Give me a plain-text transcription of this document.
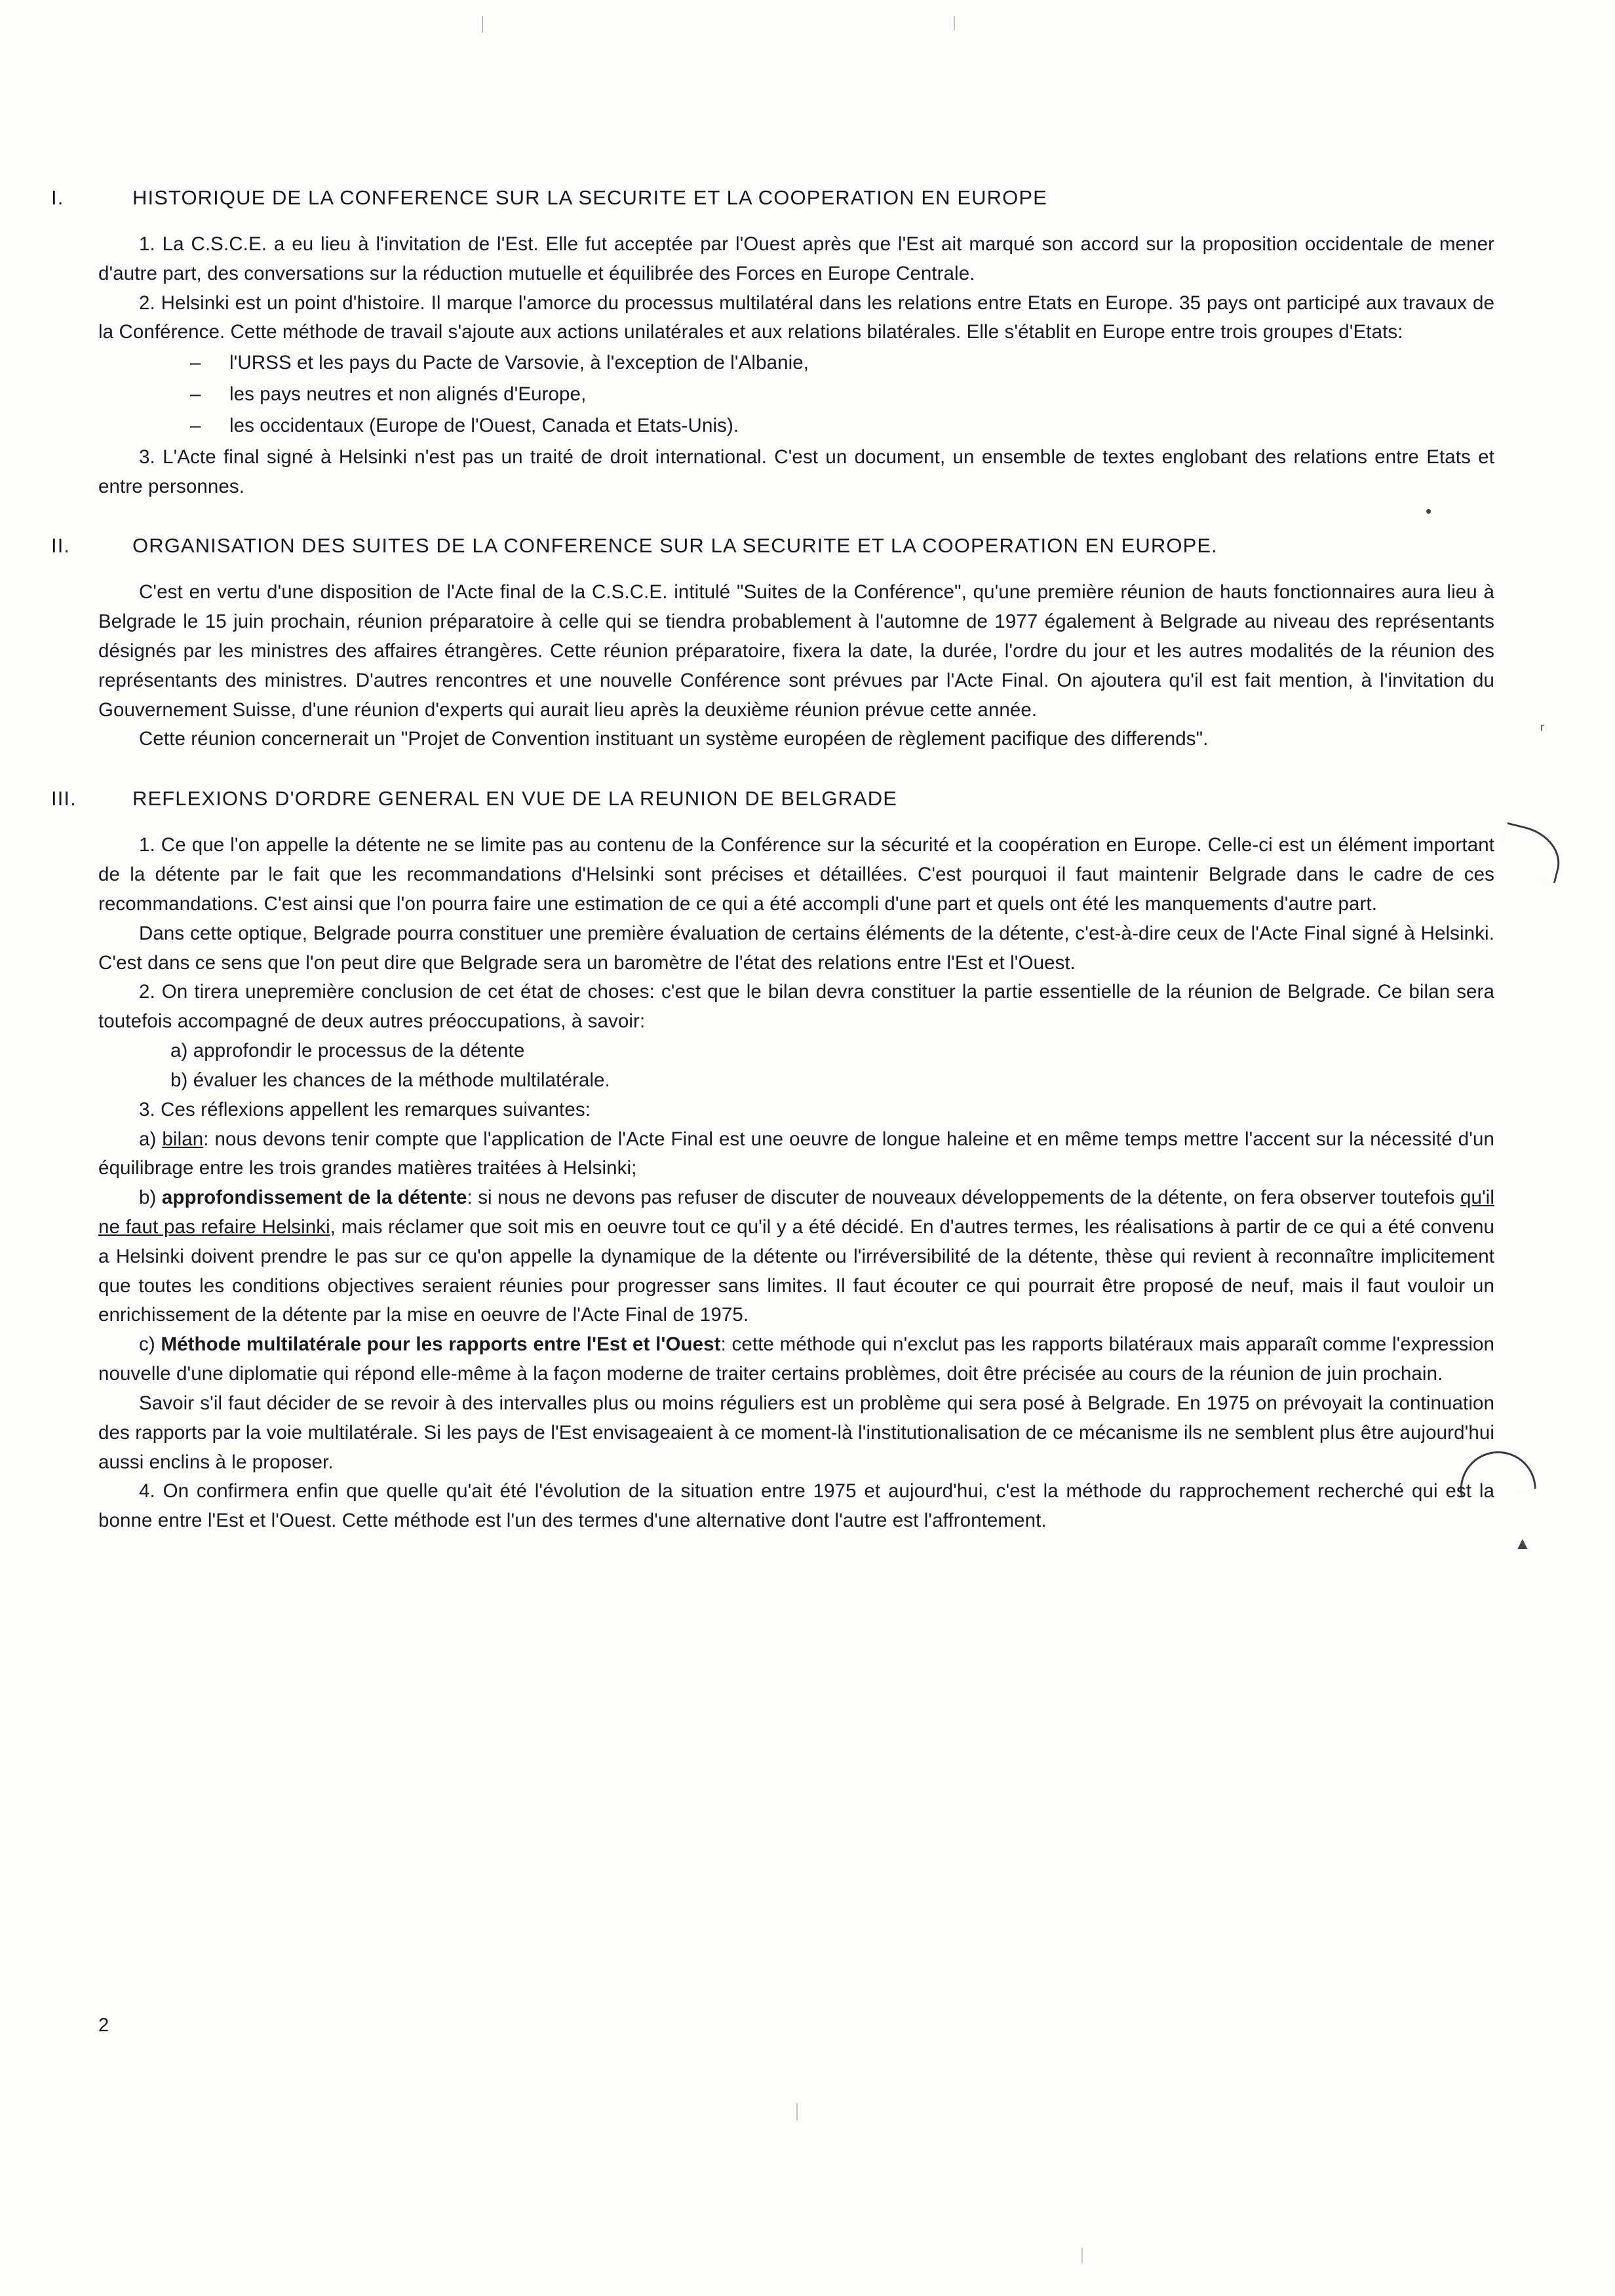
•
ᵣ
▲
I.	HISTORIQUE DE LA CONFERENCE SUR LA SECURITE ET LA COOPERATION EN EUROPE

1. La C.S.C.E. a eu lieu à l'invitation de l'Est. Elle fut acceptée par l'Ouest après que l'Est ait marqué son accord sur la proposition occidentale de mener d'autre part, des conversations sur la réduction mutuelle et équilibrée des Forces en Europe Centrale.

2. Helsinki est un point d'histoire. Il marque l'amorce du processus multilatéral dans les relations entre Etats en Europe. 35 pays ont participé aux travaux de la Conférence. Cette méthode de travail s'ajoute aux actions unilatérales et aux relations bilatérales. Elle s'établit en Europe entre trois groupes d'Etats:

– l'URSS et les pays du Pacte de Varsovie, à l'exception de l'Albanie,
– les pays neutres et non alignés d'Europe,
– les occidentaux (Europe de l'Ouest, Canada et Etats-Unis).

3. L'Acte final signé à Helsinki n'est pas un traité de droit international. C'est un document, un ensemble de textes englobant des relations entre Etats et entre personnes.

II.	ORGANISATION DES SUITES DE LA CONFERENCE SUR LA SECURITE ET LA COOPERATION EN EUROPE.

C'est en vertu d'une disposition de l'Acte final de la C.S.C.E. intitulé "Suites de la Conférence", qu'une première réunion de hauts fonctionnaires aura lieu à Belgrade le 15 juin prochain, réunion préparatoire à celle qui se tiendra probablement à l'automne de 1977 également à Belgrade au niveau des représentants désignés par les ministres des affaires étrangères. Cette réunion préparatoire, fixera la date, la durée, l'ordre du jour et les autres modalités de la réunion des représentants des ministres. D'autres rencontres et une nouvelle Conférence sont prévues par l'Acte Final. On ajoutera qu'il est fait mention, à l'invitation du Gouvernement Suisse, d'une réunion d'experts qui aurait lieu après la deuxième réunion prévue cette année.

Cette réunion concernerait un "Projet de Convention instituant un système européen de règlement pacifique des differends".

III.	REFLEXIONS D'ORDRE GENERAL EN VUE DE LA REUNION DE BELGRADE

1. Ce que l'on appelle la détente ne se limite pas au contenu de la Conférence sur la sécurité et la coopération en Europe. Celle-ci est un élément important de la détente par le fait que les recommandations d'Helsinki sont précises et détaillées. C'est pourquoi il faut maintenir Belgrade dans le cadre de ces recommandations. C'est ainsi que l'on pourra faire une estimation de ce qui a été accompli d'une part et quels ont été les manquements d'autre part.

Dans cette optique, Belgrade pourra constituer une première évaluation de certains éléments de la détente, c'est-à-dire ceux de l'Acte Final signé à Helsinki. C'est dans ce sens que l'on peut dire que Belgrade sera un baromètre de l'état des relations entre l'Est et l'Ouest.

2. On tirera unepremière conclusion de cet état de choses: c'est que le bilan devra constituer la partie essentielle de la réunion de Belgrade. Ce bilan sera toutefois accompagné de deux autres préoccupations, à savoir:

a) approfondir le processus de la détente

b) évaluer les chances de la méthode multilatérale.

3. Ces réflexions appellent les remarques suivantes:

a) bilan: nous devons tenir compte que l'application de l'Acte Final est une oeuvre de longue haleine et en même temps mettre l'accent sur la nécessité d'un équilibrage entre les trois grandes matières traitées à Helsinki;

b) approfondissement de la détente: si nous ne devons pas refuser de discuter de nouveaux développements de la détente, on fera observer toutefois qu'il ne faut pas refaire Helsinki, mais réclamer que soit mis en oeuvre tout ce qu'il y a été décidé. En d'autres termes, les réalisations à partir de ce qui a été convenu a Helsinki doivent prendre le pas sur ce qu'on appelle la dynamique de la détente ou l'irréversibilité de la détente, thèse qui revient à reconnaître implicitement que toutes les conditions objectives seraient réunies pour progresser sans limites. Il faut écouter ce qui pourrait être proposé de neuf, mais il faut vouloir un enrichissement de la détente par la mise en oeuvre de l'Acte Final de 1975.

c) Méthode multilatérale pour les rapports entre l'Est et l'Ouest: cette méthode qui n'exclut pas les rapports bilatéraux mais apparaît comme l'expression nouvelle d'une diplomatie qui répond elle-même à la façon moderne de traiter certains problèmes, doit être précisée au cours de la réunion de juin prochain.

Savoir s'il faut décider de se revoir à des intervalles plus ou moins réguliers est un problème qui sera posé à Belgrade. En 1975 on prévoyait la continuation des rapports par la voie multilatérale. Si les pays de l'Est envisageaient à ce moment-là l'institutionalisation de ce mécanisme ils ne semblent plus être aujourd'hui aussi enclins à le proposer.

4. On confirmera enfin que quelle qu'ait été l'évolution de la situation entre 1975 et aujourd'hui, c'est la méthode du rapprochement recherché qui est la bonne entre l'Est et l'Ouest. Cette méthode est l'un des termes d'une alternative dont l'autre est l'affrontement.

2
